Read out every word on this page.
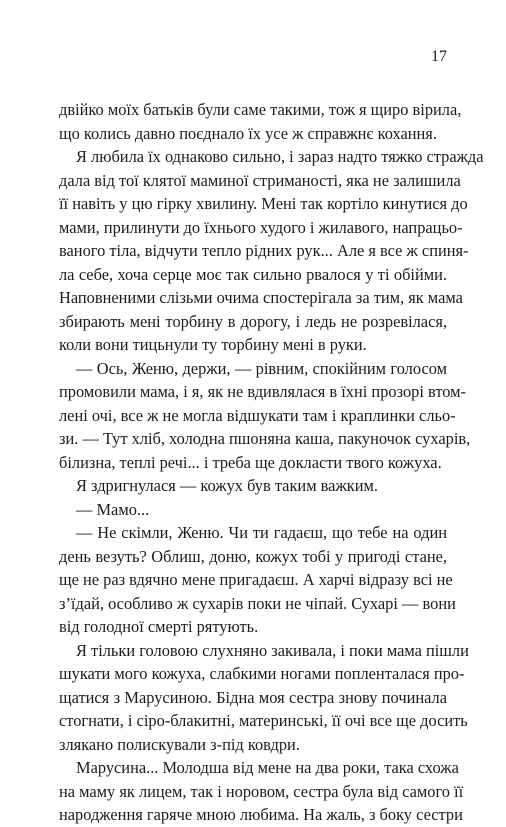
17
двійко моїх батьків були саме такими, тож я щиро вірила,
що колись давно поєднало їх усе ж справжнє кохання.
Я любила їх однаково сильно, і зараз надто тяжко стражда
дала від тої клятої маминої стриманості, яка не залишила
її навіть у цю гірку хвилину. Мені так кортіло кинутися до
мами, прилинути до їхнього худого і жилавого, напрацьо-
ваного тіла, відчути тепло рідних рук... Але я все ж спиня-
ла себе, хоча серце моє так сильно рвалося у ті обійми.
Наповненими слізьми очима спостерігала за тим, як мама
збирають мені торбину в дорогу, і ледь не розревілася,
коли вони тицьнули ту торбину мені в руки.
— Ось, Женю, держи, — рівним, спокійним голосом
промовили мама, і я, як не вдивлялася в їхні прозорі втом-
лені очі, все ж не могла відшукати там і краплинки сльо-
зи. — Тут хліб, холодна пшоняна каша, пакуночок сухарів,
білизна, теплі речі... і треба ще докласти твого кожуха.
Я здригнулася — кожух був таким важким.
— Мамо...
— Не скімли, Женю. Чи ти гадаєш, що тебе на один
день везуть? Облиш, доню, кожух тобі у пригоді стане,
ще не раз вдячно мене пригадаєш. А харчі відразу всі не
з’їдай, особливо ж сухарів поки не чіпай. Сухарі — вони
від голодної смерті рятують.
Я тільки головою слухняно закивала, і поки мама пішли
шукати мого кожуха, слабкими ногами попленталася про-
щатися з Марусиною. Бідна моя сестра знову починала
стогнати, і сіро-блакитні, материнські, її очі все ще досить
злякано полискували з-під ковдри.
Марусина... Молодша від мене на два роки, така схожа
на маму як лицем, так і норовом, сестра була від самого її
народження гаряче мною любима. На жаль, з боку сестри
